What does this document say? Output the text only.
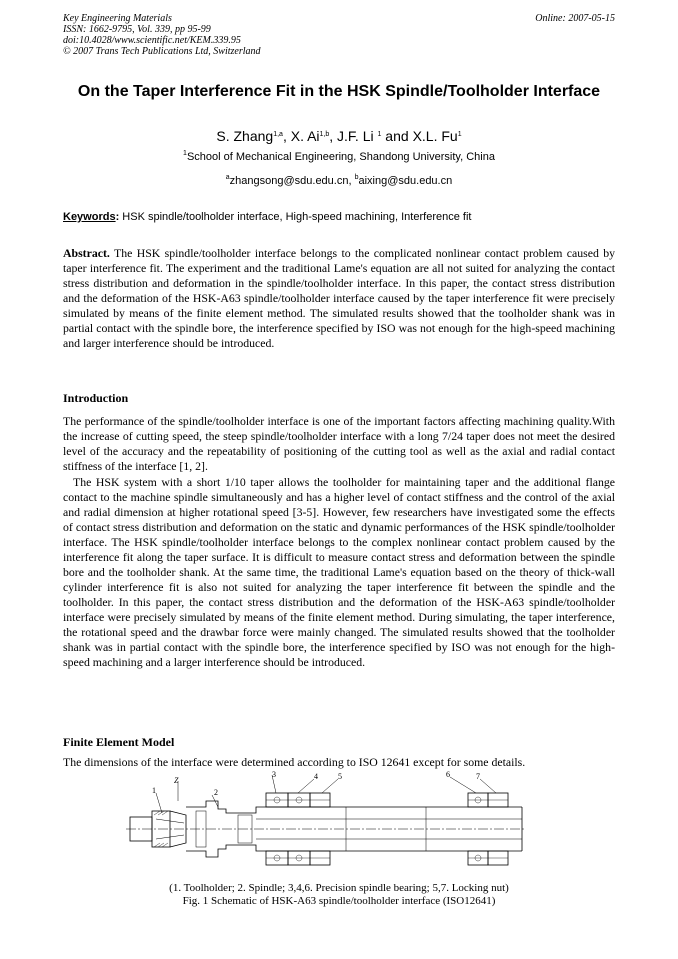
Key Engineering Materials
ISSN: 1662-9795, Vol. 339, pp 95-99
doi:10.4028/www.scientific.net/KEM.339.95
© 2007 Trans Tech Publications Ltd, Switzerland
Online: 2007-05-15
On the Taper Interference Fit in the HSK Spindle/Toolholder Interface
S. Zhang$^{1,a}$, X. Ai$^{1,b}$, J.F. Li $^1$ and X.L. Fu$^1$
$^1$School of Mechanical Engineering, Shandong University, China
$^a$zhangsong@sdu.edu.cn, $^b$aixing@sdu.edu.cn
Keywords: HSK spindle/toolholder interface, High-speed machining, Interference fit

Abstract. The HSK spindle/toolholder interface belongs to the complicated nonlinear contact problem caused by taper interference fit. The experiment and the traditional Lame's equation are all not suited for analyzing the contact stress distribution and deformation in the spindle/toolholder interface. In this paper, the contact stress distribution and the deformation of the HSK-A63 spindle/toolholder interface caused by the taper interference fit were precisely simulated by means of the finite element method. The simulated results showed that the toolholder shank was in partial contact with the spindle bore, the interference specified by ISO was not enough for the high-speed machining and larger interference should be introduced.

Introduction

The performance of the spindle/toolholder interface is one of the important factors affecting machining quality.With the increase of cutting speed, the steep spindle/toolholder interface with a long 7/24 taper does not meet the desired level of the accuracy and the repeatability of positioning of the cutting tool as well as the axial and radial contact stiffness of the interface [1, 2].

The HSK system with a short 1/10 taper allows the toolholder for maintaining taper and the additional flange contact to the machine spindle simultaneously and has a higher level of contact stiffness and the control of the axial and radial dimension at higher rotational speed [3-5]. However, few researchers have investigated some the effects of contact stress distribution and deformation on the static and dynamic performances of the HSK spindle/toolholder interface. The HSK spindle/toolholder interface belongs to the complex nonlinear contact problem caused by the interference fit along the taper surface. It is difficult to measure contact stress and deformation between the spindle bore and the toolholder shank. At the same time, the traditional Lame's equation based on the theory of thick-wall cylinder interference fit is also not suited for analyzing the taper interference fit between the spindle and the toolholder. In this paper, the contact stress distribution and the deformation of the HSK-A63 spindle/toolholder interface were precisely simulated by means of the finite element method. During simulating, the taper interference, the rotational speed and the drawbar force were mainly changed. The simulated results showed that the toolholder shank was in partial contact with the spindle bore, the interference specified by ISO was not enough for the high-speed machining and a larger interference should be introduced.

Finite Element Model

The dimensions of the interface were determined according to ISO 12641 except for some details.

1	2
3	4	5	6	7
Z
(1. Toolholder; 2. Spindle; 3,4,6. Precision spindle bearing; 5,7. Locking nut)
Fig. 1 Schematic of HSK-A63 spindle/toolholder interface (ISO12641)
